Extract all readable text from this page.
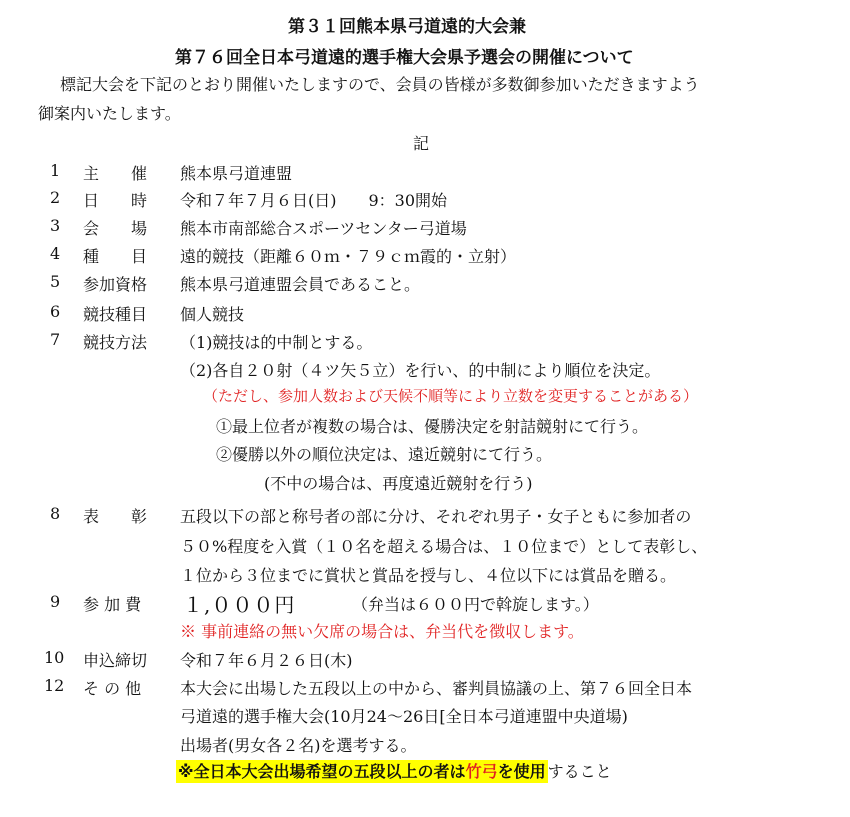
第３１回熊本県弓道遠的大会兼
第７６回全日本弓道遠的選手権大会県予選会の開催について
標記大会を下記のとおり開催いたしますので、会員の皆様が多数御参加いただきますよう
御案内いたします。
記
1 主　　催 熊本県弓道連盟
2 日　　時 令和７年７月６日(日)　　9：30開始
3 会　　場 熊本市南部総合スポーツセンター弓道場
4 種　　目 遠的競技（距離６０ｍ・７９ｃｍ霞的・立射）
5 参加資格 熊本県弓道連盟会員であること。
6 競技種目 個人競技
7 競技方法 （1)競技は的中制とする。
（2)各自２０射（４ツ矢５立）を行い、的中制により順位を決定。
（ただし、参加人数および天候不順等により立数を変更することがある）
①最上位者が複数の場合は、優勝決定を射詰競射にて行う。
②優勝以外の順位決定は、遠近競射にて行う。
(不中の場合は、再度遠近競射を行う)
8 表　　彰 五段以下の部と称号者の部に分け、それぞれ男子・女子ともに参加者の
５０%程度を入賞（１０名を超える場合は、１０位まで）として表彰し、
１位から３位までに賞状と賞品を授与し、４位以下には賞品を贈る。
9 参 加 費 １,０００円	（弁当は６００円で斡旋します。）
※ 事前連絡の無い欠席の場合は、弁当代を徴収します。
10 申込締切 令和７年６月２６日(木)
12 そ の 他 本大会に出場した五段以上の中から、審判員協議の上、第７６回全日本
弓道遠的選手権大会(10月24～26日[全日本弓道連盟中央道場)
出場者(男女各２名)を選考する。
※全日本大会出場希望の五段以上の者は竹弓を使用 すること
